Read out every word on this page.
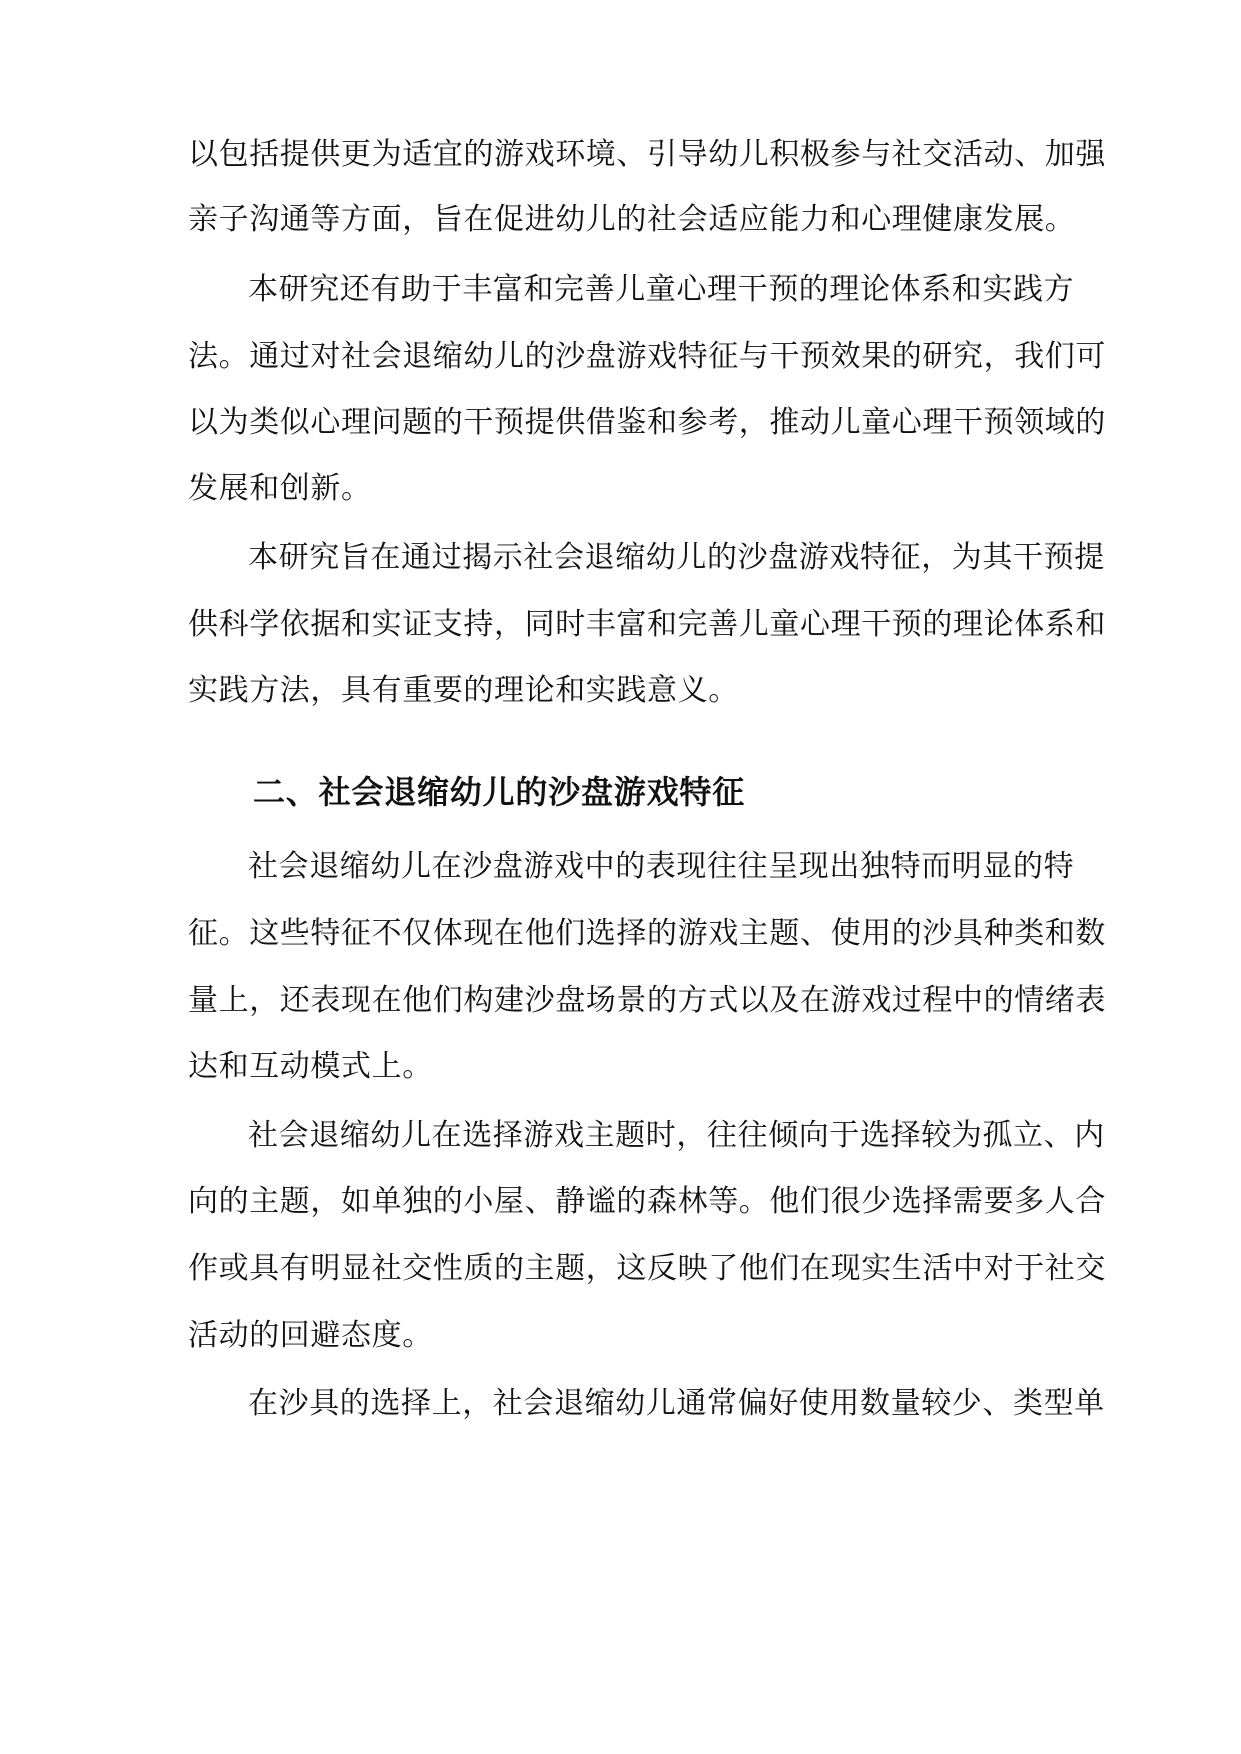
以包括提供更为适宜的游戏环境、引导幼儿积极参与社交活动、加强
亲子沟通等方面，旨在促进幼儿的社会适应能力和心理健康发展。
本研究还有助于丰富和完善儿童心理干预的理论体系和实践方
法。通过对社会退缩幼儿的沙盘游戏特征与干预效果的研究，我们可
以为类似心理问题的干预提供借鉴和参考，推动儿童心理干预领域的
发展和创新。
本研究旨在通过揭示社会退缩幼儿的沙盘游戏特征，为其干预提
供科学依据和实证支持，同时丰富和完善儿童心理干预的理论体系和
实践方法，具有重要的理论和实践意义。
二、社会退缩幼儿的沙盘游戏特征
社会退缩幼儿在沙盘游戏中的表现往往呈现出独特而明显的特
征。这些特征不仅体现在他们选择的游戏主题、使用的沙具种类和数
量上，还表现在他们构建沙盘场景的方式以及在游戏过程中的情绪表
达和互动模式上。
社会退缩幼儿在选择游戏主题时，往往倾向于选择较为孤立、内
向的主题，如单独的小屋、静谧的森林等。他们很少选择需要多人合
作或具有明显社交性质的主题，这反映了他们在现实生活中对于社交
活动的回避态度。
在沙具的选择上，社会退缩幼儿通常偏好使用数量较少、类型单
